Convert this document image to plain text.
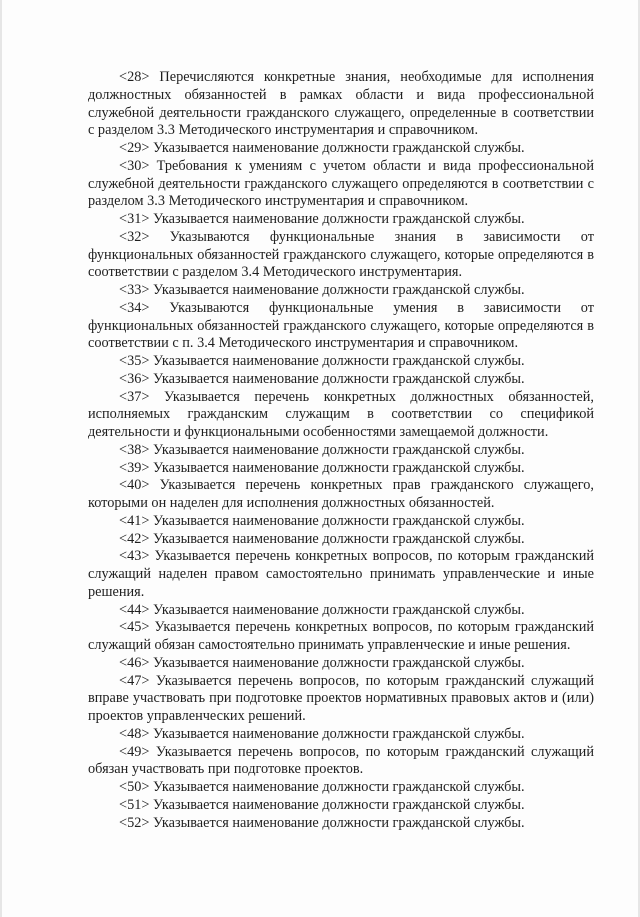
<28> Перечисляются конкретные знания, необходимые для исполнения должностных обязанностей в рамках области и вида профессиональной служебной деятельности гражданского служащего, определенные в соответствии с разделом 3.3 Методического инструментария и справочником.

<29> Указывается наименование должности гражданской службы.

<30> Требования к умениям с учетом области и вида профессиональной служебной деятельности гражданского служащего определяются в соответствии с разделом 3.3 Методического инструментария и справочником.

<31> Указывается наименование должности гражданской службы.

<32> Указываются функциональные знания в зависимости от функциональных обязанностей гражданского служащего, которые определяются в соответствии с разделом 3.4 Методического инструментария.

<33> Указывается наименование должности гражданской службы.

<34> Указываются функциональные умения в зависимости от функциональных обязанностей гражданского служащего, которые определяются в соответствии с п. 3.4 Методического инструментария и справочником.

<35> Указывается наименование должности гражданской службы.

<36> Указывается наименование должности гражданской службы.

<37> Указывается перечень конкретных должностных обязанностей, исполняемых гражданским служащим в соответствии со спецификой деятельности и функциональными особенностями замещаемой должности.

<38> Указывается наименование должности гражданской службы.

<39> Указывается наименование должности гражданской службы.

<40> Указывается перечень конкретных прав гражданского служащего, которыми он наделен для исполнения должностных обязанностей.

<41> Указывается наименование должности гражданской службы.

<42> Указывается наименование должности гражданской службы.

<43> Указывается перечень конкретных вопросов, по которым гражданский служащий наделен правом самостоятельно принимать управленческие и иные решения.

<44> Указывается наименование должности гражданской службы.

<45> Указывается перечень конкретных вопросов, по которым гражданский служащий обязан самостоятельно принимать управленческие и иные решения.

<46> Указывается наименование должности гражданской службы.

<47> Указывается перечень вопросов, по которым гражданский служащий вправе участвовать при подготовке проектов нормативных правовых актов и (или) проектов управленческих решений.

<48> Указывается наименование должности гражданской службы.

<49> Указывается перечень вопросов, по которым гражданский служащий обязан участвовать при подготовке проектов.

<50> Указывается наименование должности гражданской службы.

<51> Указывается наименование должности гражданской службы.

<52> Указывается наименование должности гражданской службы.
